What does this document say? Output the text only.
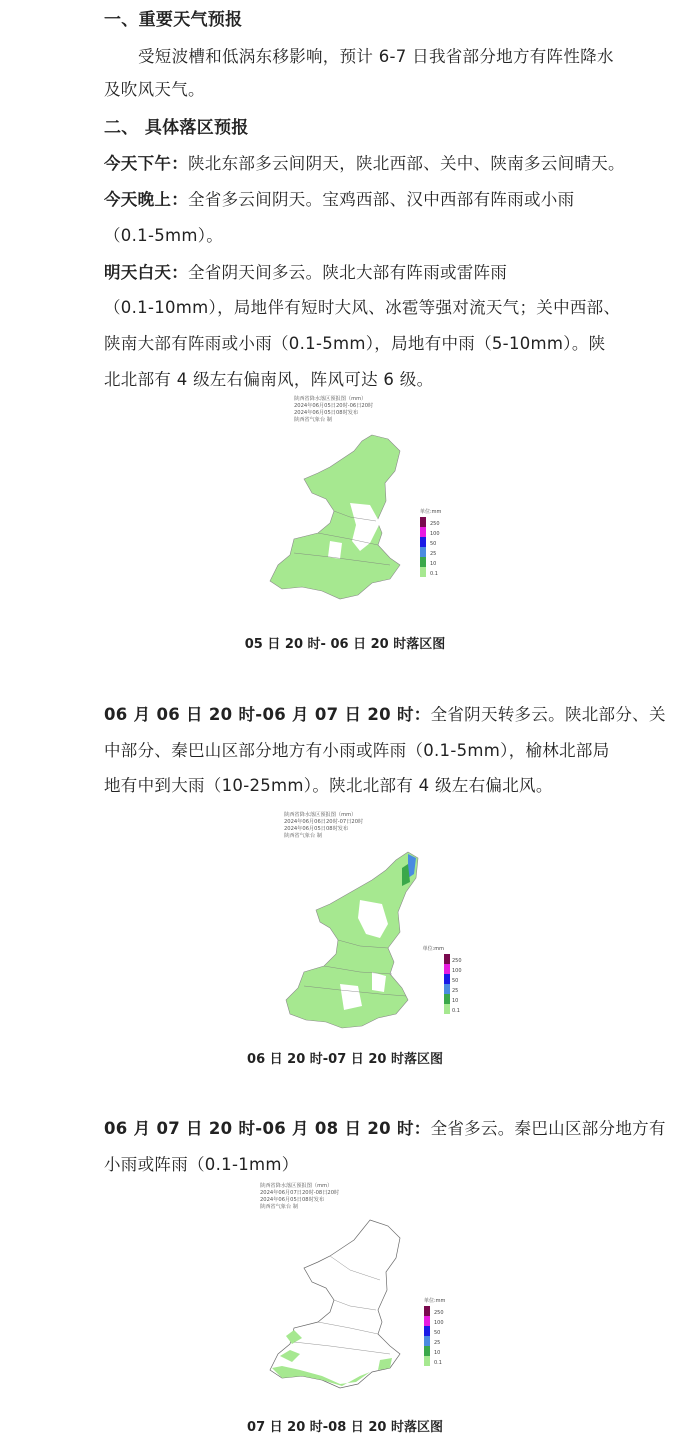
一、重要天气预报
受短波槽和低涡东移影响，预计 6-7 日我省部分地方有阵性降水
及吹风天气。
二、 具体落区预报
今天下午：陕北东部多云间阴天，陕北西部、关中、陕南多云间晴天。
今天晚上：全省多云间阴天。宝鸡西部、汉中西部有阵雨或小雨
（0.1-5mm）。
明天白天：全省阴天间多云。陕北大部有阵雨或雷阵雨
（0.1-10mm），局地伴有短时大风、冰雹等强对流天气；关中西部、
陕南大部有阵雨或小雨（0.1-5mm），局地有中雨（5-10mm）。陕
北北部有 4 级左右偏南风，阵风可达 6 级。
陕西省降水落区预报图（mm）
2024年06月05日20时-06日20时
2024年06月05日08时发布
陕西省气象台 制
单位:mm
250
100
50
25
10
0.1
05 日 20 时- 06 日 20 时落区图
06 月 06 日 20 时-06 月 07 日 20 时：全省阴天转多云。陕北部分、关
中部分、秦巴山区部分地方有小雨或阵雨（0.1-5mm），榆林北部局
地有中到大雨（10-25mm）。陕北北部有 4 级左右偏北风。
陕西省降水落区预报图（mm）
2024年06月06日20时-07日20时
2024年06月05日08时发布
陕西省气象台 制
单位:mm
250
100
50
25
10
0.1
06 日 20 时-07 日 20 时落区图
06 月 07 日 20 时-06 月 08 日 20 时：全省多云。秦巴山区部分地方有
小雨或阵雨（0.1-1mm）
陕西省降水落区预报图（mm）
2024年06月07日20时-08日20时
2024年06月05日08时发布
陕西省气象台 制
单位:mm
250
100
50
25
10
0.1
07 日 20 时-08 日 20 时落区图
